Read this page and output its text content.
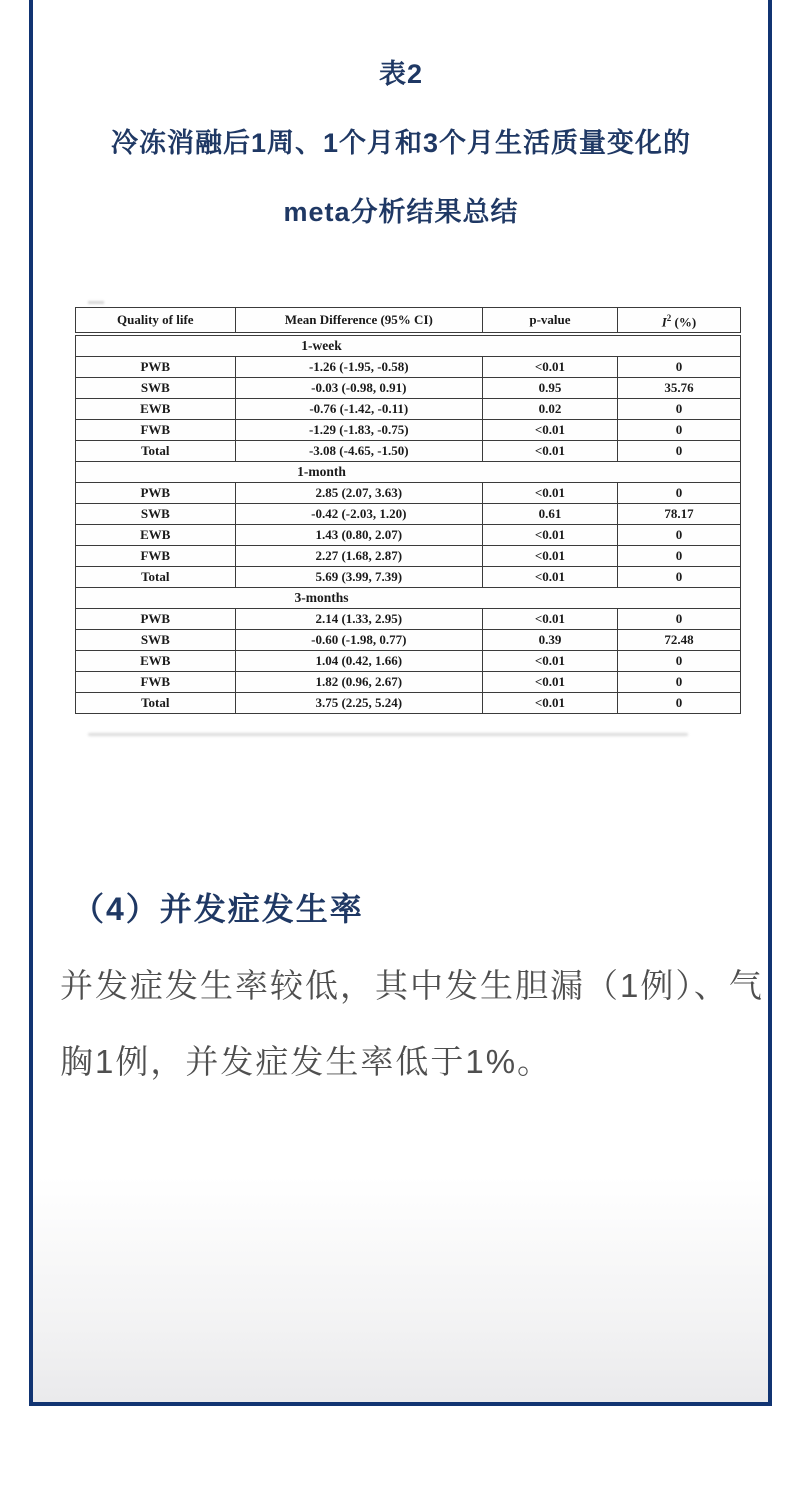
表2
冷冻消融后1周、1个月和3个月生活质量变化的
meta分析结果总结
Quality of life	Mean Difference (95% CI)	p-value	$I^2$ (%)
1-week			
PWB	-1.26 (-1.95, -0.58)	<0.01	0
SWB	-0.03 (-0.98, 0.91)	0.95	35.76
EWB	-0.76 (-1.42, -0.11)	0.02	0
FWB	-1.29 (-1.83, -0.75)	<0.01	0
Total	-3.08 (-4.65, -1.50)	<0.01	0
1-month			
PWB	2.85 (2.07, 3.63)	<0.01	0
SWB	-0.42 (-2.03, 1.20)	0.61	78.17
EWB	1.43 (0.80, 2.07)	<0.01	0
FWB	2.27 (1.68, 2.87)	<0.01	0
Total	5.69 (3.99, 7.39)	<0.01	0
3-months			
PWB	2.14 (1.33, 2.95)	<0.01	0
SWB	-0.60 (-1.98, 0.77)	0.39	72.48
EWB	1.04 (0.42, 1.66)	<0.01	0
FWB	1.82 (0.96, 2.67)	<0.01	0
Total	3.75 (2.25, 5.24)	<0.01	0
（4）并发症发生率
并发症发生率较低，其中发生胆漏（1例）、气
胸1例，并发症发生率低于1%。
